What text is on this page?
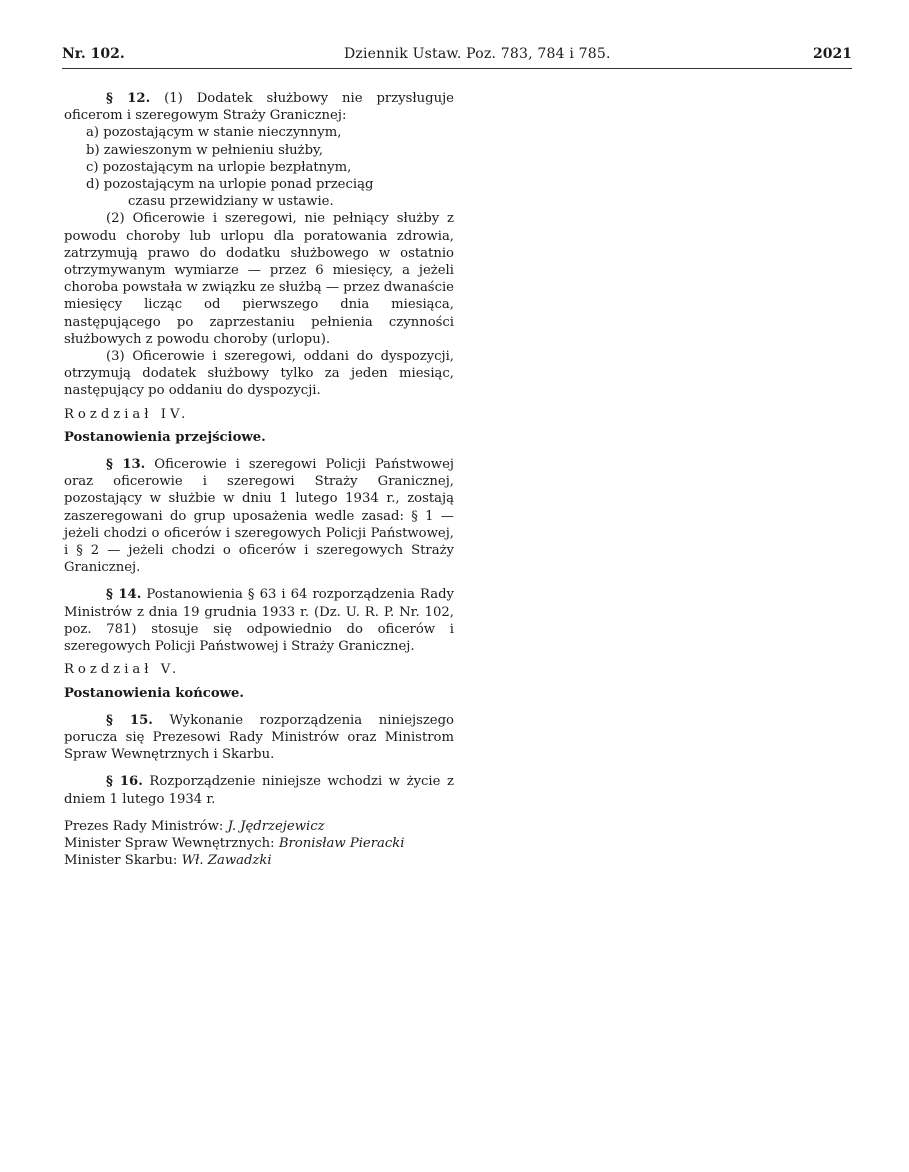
Nr. 102.	Dziennik Ustaw. Poz. 783, 784 i 785.	2021

§ 12. (1) Dodatek służbowy nie przysługuje oficerom i szeregowym Straży Granicznej:

a) pozostającym w stanie nieczynnym,
b) zawieszonym w pełnieniu służby,
c) pozostającym na urlopie bezpłatnym,
d) pozostającym na urlopie ponad przeciąg
czasu przewidziany w ustawie.

(2) Oficerowie i szeregowi, nie pełniący służby z powodu choroby lub urlopu dla poratowania zdrowia, zatrzymują prawo do dodatku służbowego w ostatnio otrzymywanym wymiarze — przez 6 miesięcy, a jeżeli choroba powstała w związku ze służbą — przez dwanaście miesięcy licząc od pierwszego dnia miesiąca, następującego po zaprzestaniu pełnienia czynności służbowych z powodu choroby (urlopu).

(3) Oficerowie i szeregowi, oddani do dyspozycji, otrzymują dodatek służbowy tylko za jeden miesiąc, następujący po oddaniu do dyspozycji.

Rozdział IV.

Postanowienia przejściowe.

§ 13. Oficerowie i szeregowi Policji Państwowej oraz oficerowie i szeregowi Straży Granicznej, pozostający w służbie w dniu 1 lutego 1934 r., zostają zaszeregowani do grup uposażenia wedle zasad: § 1 — jeżeli chodzi o oficerów i szeregowych Policji Państwowej, i § 2 — jeżeli chodzi o oficerów i szeregowych Straży Granicznej.

§ 14. Postanowienia § 63 i 64 rozporządzenia Rady Ministrów z dnia 19 grudnia 1933 r. (Dz. U. R. P. Nr. 102, poz. 781) stosuje się odpowiednio do oficerów i szeregowych Policji Państwowej i Straży Granicznej.

Rozdział V.

Postanowienia końcowe.

§ 15. Wykonanie rozporządzenia niniejszego porucza się Prezesowi Rady Ministrów oraz Ministrom Spraw Wewnętrznych i Skarbu.

§ 16. Rozporządzenie niniejsze wchodzi w życie z dniem 1 lutego 1934 r.

Prezes Rady Ministrów: J. Jędrzejewicz

Minister Spraw Wewnętrznych: Bronisław Pieracki

Minister Skarbu: Wł. Zawadzki
